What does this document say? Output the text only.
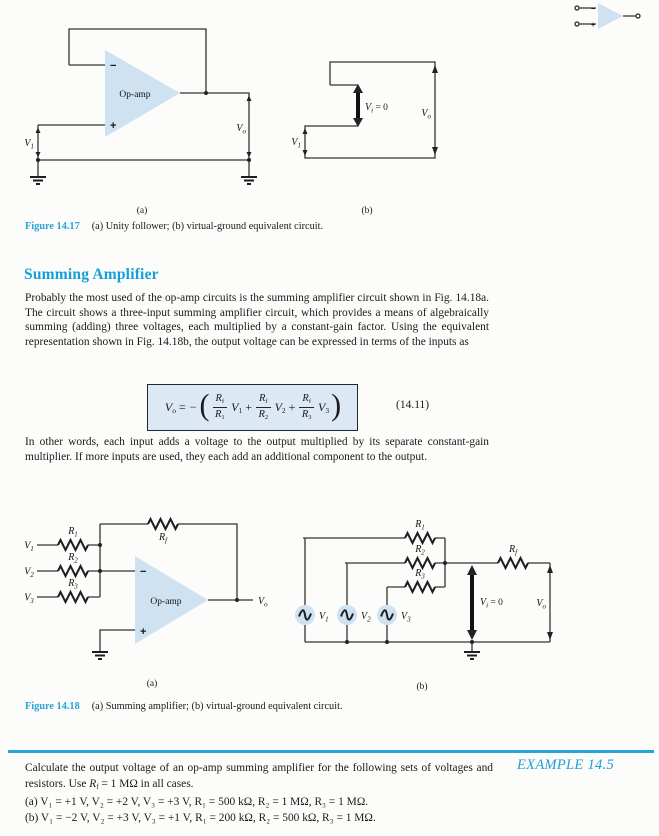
−
+
−
+
Op-amp
$V_1$
$V_o$
(a)
$V_i = 0$	$V_o$
$V_1$
(b)
Figure 14.17 (a) Unity follower; (b) virtual-ground equivalent circuit.
Summing Amplifier
Probably the most used of the op-amp circuits is the summing amplifier circuit shown in Fig. 14.18a. The circuit shows a three-input summing amplifier circuit, which provides a means of algebraically summing (adding) three voltages, each multiplied by a constant-gain factor. Using the equivalent representation shown in Fig. 14.18b, the output voltage can be expressed in terms of the inputs as
$V_o$ = − ( $\frac{R_f}{R_1} V_1 + \frac{R_f}{R_2} V_2 + \frac{R_f}{R_3} V_3$ )	(14.11)
In other words, each input adds a voltage to the output multiplied by its separate constant-gain multiplier. If more inputs are used, they each add an additional component to the output.
$V_1$
$V_2$
$V_3$
$R_1$
$R_2$
$R_3$
$R_f$
−
+
Op-amp	$V_o$
(a)
$R_1$
$R_2$
$R_3$
$R_f$
$V_1$	$V_2$	$V_3$
$V_i = 0$	$V_o$
(b)
Figure 14.18 (a) Summing amplifier; (b) virtual-ground equivalent circuit.
EXAMPLE 14.5

Calculate the output voltage of an op-amp summing amplifier for the following sets of voltages and resistors. Use $R_f = 1$ MΩ in all cases.

(a) V₁ = +1 V, V₂ = +2 V, V₃ = +3 V, R₁ = 500 kΩ, R₂ = 1 MΩ, R₃ = 1 MΩ.
(b) V₁ = −2 V, V₂ = +3 V, V₃ = +1 V, R₁ = 200 kΩ, R₂ = 500 kΩ, R₃ = 1 MΩ.
